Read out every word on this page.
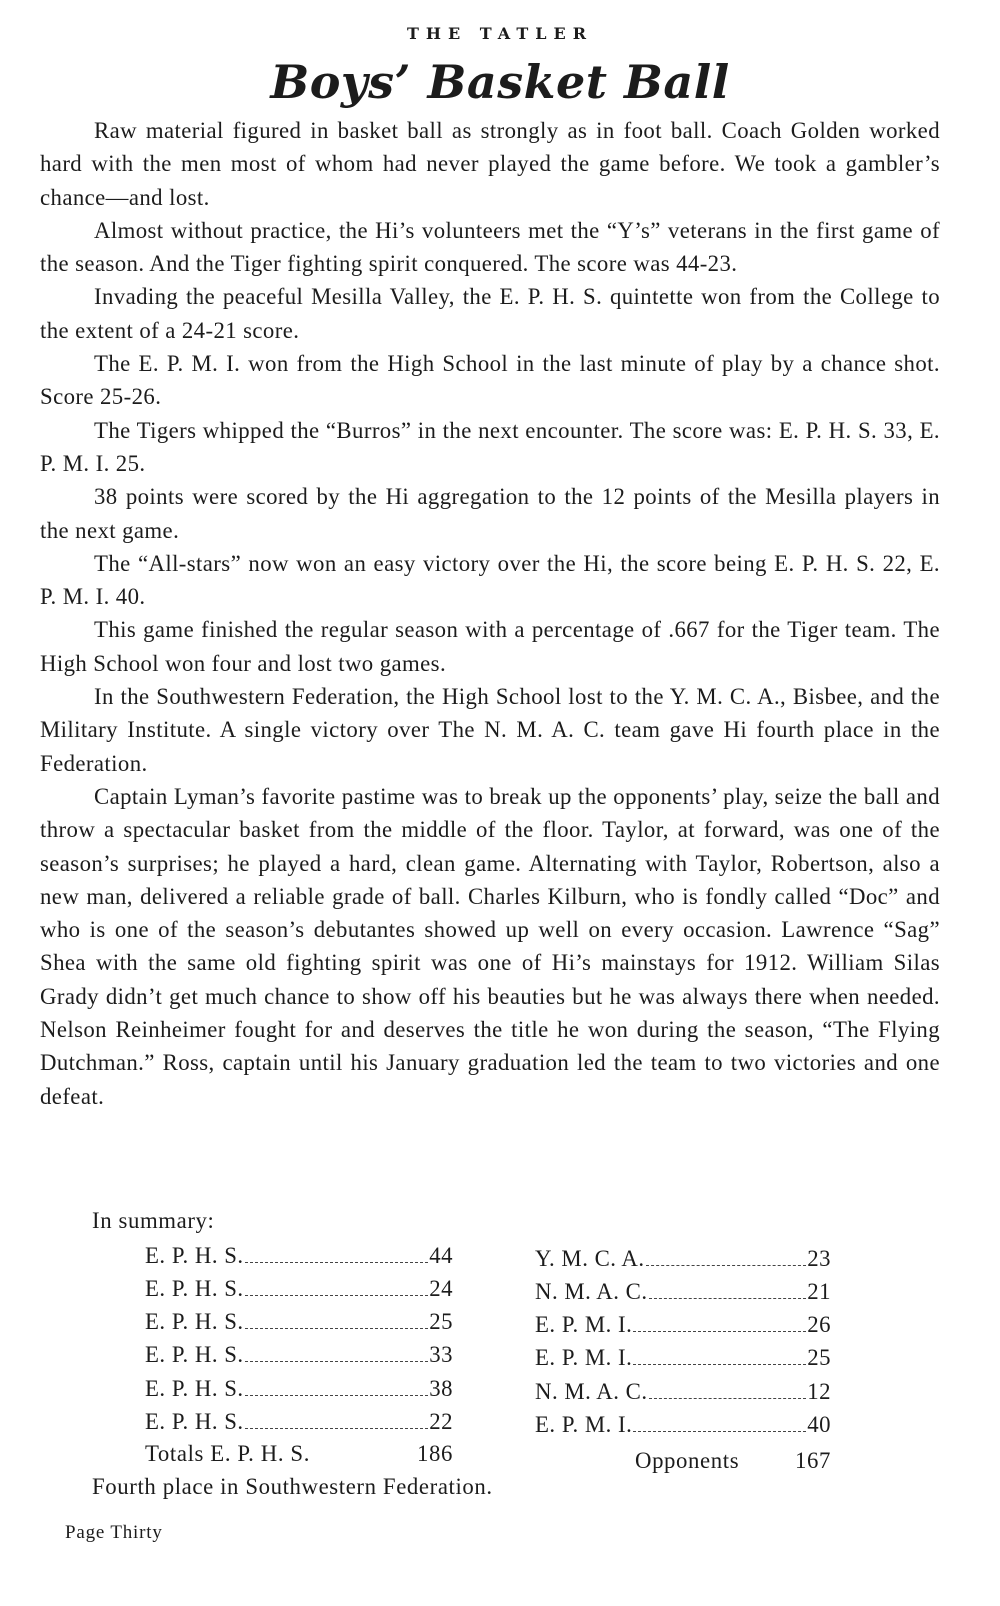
THE TATLER
Boys’ Basket Ball

Raw material figured in basket ball as strongly as in foot ball. Coach Golden worked hard with the men most of whom had never played the game before. We took a gambler’s chance—and lost.

Almost without practice, the Hi’s volunteers met the “Y’s” veterans in the first game of the season. And the Tiger fighting spirit conquered. The score was 44-23.

Invading the peaceful Mesilla Valley, the E. P. H. S. quintette won from the College to the extent of a 24-21 score.

The E. P. M. I. won from the High School in the last minute of play by a chance shot. Score 25-26.

The Tigers whipped the “Burros” in the next encounter. The score was: E. P. H. S. 33, E. P. M. I. 25.

38 points were scored by the Hi aggregation to the 12 points of the Mesilla players in the next game.

The “All-stars” now won an easy victory over the Hi, the score being E. P. H. S. 22, E. P. M. I. 40.

This game finished the regular season with a percentage of .667 for the Tiger team. The High School won four and lost two games.

In the Southwestern Federation, the High School lost to the Y. M. C. A., Bisbee, and the Military Institute. A single victory over The N. M. A. C. team gave Hi fourth place in the Federation.

Captain Lyman’s favorite pastime was to break up the opponents’ play, seize the ball and throw a spectacular basket from the middle of the floor. Taylor, at forward, was one of the season’s surprises; he played a hard, clean game. Alternating with Taylor, Robertson, also a new man, delivered a reliable grade of ball. Charles Kilburn, who is fondly called “Doc” and who is one of the season’s debutantes showed up well on every occasion. Lawrence “Sag” Shea with the same old fighting spirit was one of Hi’s mainstays for 1912. William Silas Grady didn’t get much chance to show off his beauties but he was always there when needed. Nelson Reinheimer fought for and deserves the title he won during the season, “The Flying Dutchman.” Ross, captain until his January graduation led the team to two victories and one defeat.

In summary:
E. P. H. S.	44
E. P. H. S.	24
E. P. H. S.	25
E. P. H. S.	33
E. P. H. S.	38
E. P. H. S.	22
Y. M. C. A.	23
N. M. A. C.	21
E. P. M. I.	26
E. P. M. I.	25
N. M. A. C.	12
E. P. M. I.	40
Totals E. P. H. S.	186	Opponents 167
Fourth place in Southwestern Federation.
Page Thirty
